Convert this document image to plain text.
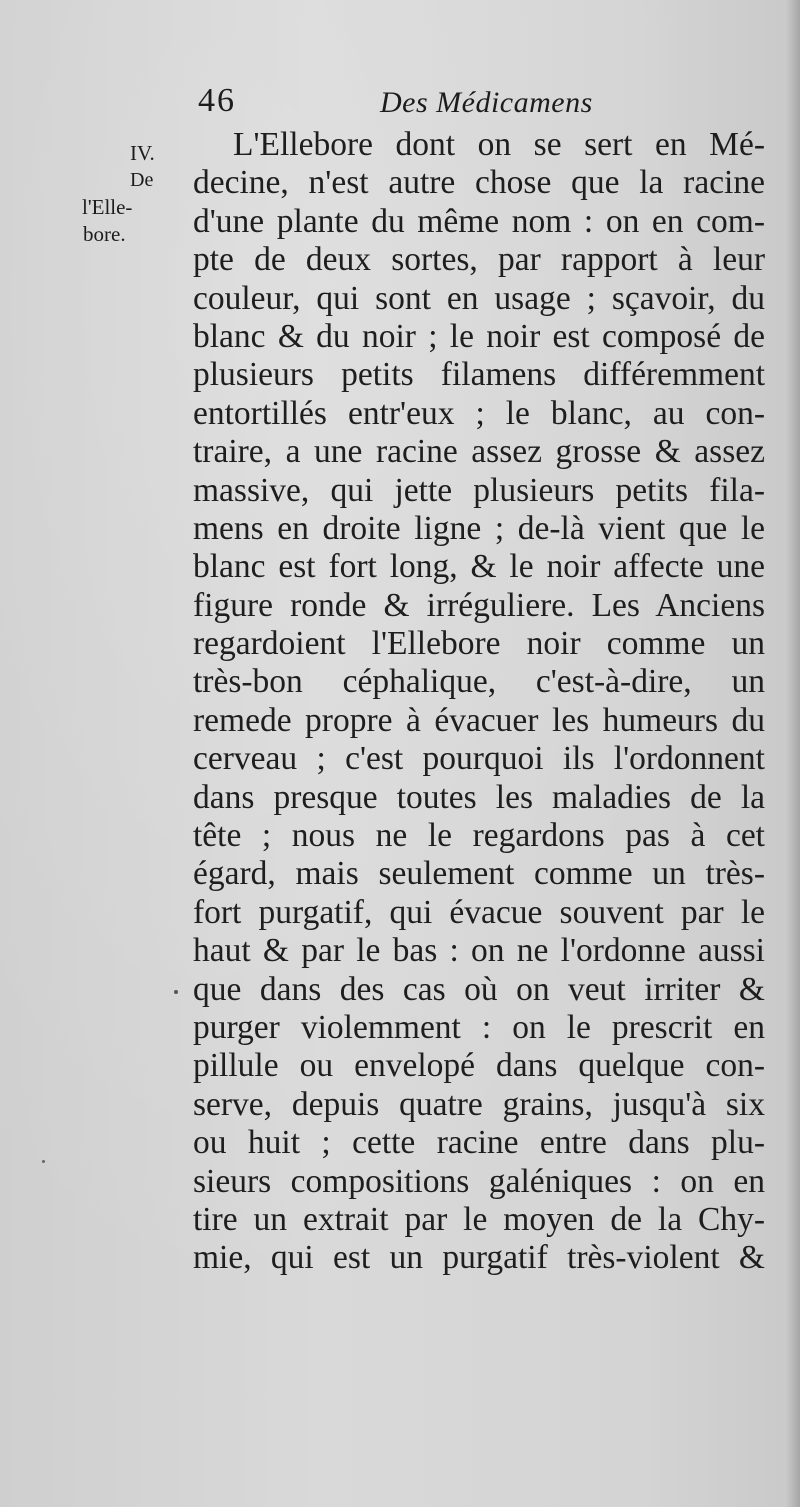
46	Des Médicamens
IV.
De
l'Elle-
bore.
L'Ellebore dont on se sert en Mé-
decine, n'est autre chose que la racine
d'une plante du même nom : on en com-
pte de deux sortes, par rapport à leur
couleur, qui sont en usage ; sçavoir, du
blanc & du noir ; le noir est composé de
plusieurs petits filamens différemment
entortillés entr'eux ; le blanc, au con-
traire, a une racine assez grosse & assez
massive, qui jette plusieurs petits fila-
mens en droite ligne ; de-là vient que le
blanc est fort long, & le noir affecte une
figure ronde & irréguliere. Les Anciens
regardoient l'Ellebore noir comme un
très-bon céphalique, c'est-à-dire, un
remede propre à évacuer les humeurs du
cerveau ; c'est pourquoi ils l'ordonnent
dans presque toutes les maladies de la
tête ; nous ne le regardons pas à cet
égard, mais seulement comme un très-
fort purgatif, qui évacue souvent par le
haut & par le bas : on ne l'ordonne aussi
que dans des cas où on veut irriter &
purger violemment : on le prescrit en
pillule ou envelopé dans quelque con-
serve, depuis quatre grains, jusqu'à six
ou huit ; cette racine entre dans plu-
sieurs compositions galéniques : on en
tire un extrait par le moyen de la Chy-
mie, qui est un purgatif très-violent &
